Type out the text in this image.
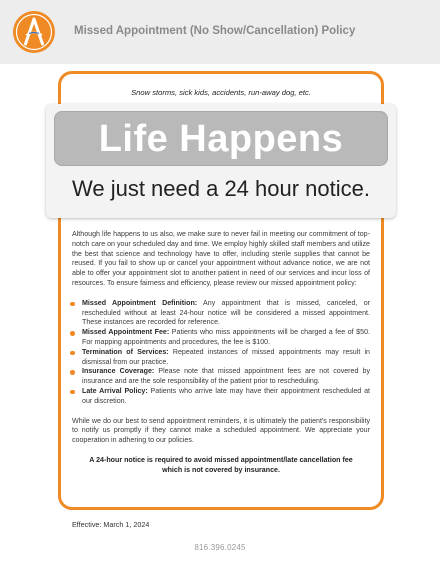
Missed Appointment (No Show/Cancellation) Policy
Snow storms, sick kids, accidents, run-away dog, etc.
Life Happens
We just need a 24 hour notice.

Although life happens to us also, we make sure to never fail in meeting our commitment of top-notch care on your scheduled day and time. We employ highly skilled staff members and utilize the best that science and technology have to offer, including sterile supplies that cannot be reused. If you fail to show up or cancel your appointment without advance notice, we are not able to offer your appointment slot to another patient in need of our services and incur loss of resources. To ensure fairness and efficiency, please review our missed appointment policy:

Missed Appointment Definition: Any appointment that is missed, canceled, or rescheduled without at least 24-hour notice will be considered a missed appointment. These instances are recorded for reference.
Missed Appointment Fee: Patients who miss appointments will be charged a fee of $50. For mapping appointments and procedures, the fee is $100.
Termination of Services: Repeated instances of missed appointments may result in dismissal from our practice.
Insurance Coverage: Please note that missed appointment fees are not covered by insurance and are the sole responsibility of the patient prior to rescheduling.
Late Arrival Policy: Patients who arrive late may have their appointment rescheduled at our discretion.

While we do our best to send appointment reminders, it is ultimately the patient's responsibility to notify us promptly if they cannot make a scheduled appointment. We appreciate your cooperation in adhering to our policies.

A 24-hour notice is required to avoid missed appointment/late cancellation fee which is not covered by insurance.

Effective: March 1, 2024
816.396.0245
